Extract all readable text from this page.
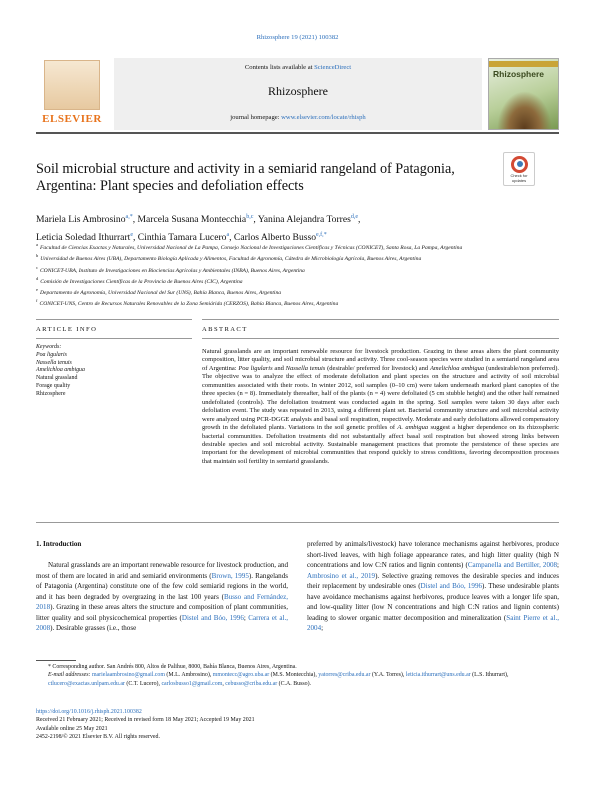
Rhizosphere 19 (2021) 100382
ELSEVIER
Contents lists available at ScienceDirect
Rhizosphere
journal homepage: www.elsevier.com/locate/rhisph
Rhizosphere
Soil microbial structure and activity in a semiarid rangeland of Patagonia, Argentina: Plant species and defoliation effects
Check for
updates
Mariela Lis Ambrosino$^{a,*}$, Marcela Susana Montecchia$^{b,c}$, Yanina Alejandra Torres$^{d,e}$,
Leticia Soledad Ithurrart$^e$, Cinthia Tamara Lucero$^a$, Carlos Alberto Busso$^{e,f,*}$
$^a$Facultad de Ciencias Exactas y Naturales, Universidad Nacional de La Pampa, Consejo Nacional de Investigaciones Científicas y Técnicas (CONICET), Santa Rosa, La Pampa, Argentina
$^b$Universidad de Buenos Aires (UBA), Departamento Biología Aplicada y Alimentos, Facultad de Agronomía, Cátedra de Microbiología Agrícola, Buenos Aires, Argentina
$^c$CONICET-UBA, Instituto de Investigaciones en Biociencias Agrícolas y Ambientales (INBA), Buenos Aires, Argentina
$^d$Comisión de Investigaciones Científicas de la Provincia de Buenos Aires (CIC), Argentina
$^e$Departamento de Agronomía, Universidad Nacional del Sur (UNS), Bahía Blanca, Buenos Aires, Argentina
$^f$CONICET-UNS, Centro de Recursos Naturales Renovables de la Zona Semiárida (CERZOS), Bahía Blanca, Buenos Aires, Argentina
ARTICLE INFO	ABSTRACT
Keywords:
Poa ligularis
Nassella tenuis
Amelichloa ambigua
Natural grassland
Forage quality
Rhizosphere
Natural grasslands are an important renewable resource for livestock production. Grazing in these areas alters the plant community composition, litter quality, and soil microbial structure and activity. Three cool-season species were studied in a semiarid rangeland area of Argentina: Poa ligularis and Nassella tenuis (desirable/ preferred for livestock) and Amelichloa ambigua (undesirable/non preferred). The objective was to analyze the effect of moderate defoliation and plant species on the structure and activity of soil microbial communities associated with their roots. In winter 2012, soil samples (0–10 cm) were taken underneath marked plant canopies of the three species (n = 8). Immediately thereafter, half of the plants (n = 4) were defoliated (5 cm stubble height) and the other half remained undefoliated (controls). The defoliation treatment was conducted again in the spring. Soil samples were taken 30 days after each defoliation event. The study was repeated in 2013, using a different plant set. Bacterial community structure and soil microbial activity were analyzed using PCR-DGGE analysis and basal soil respiration, respectively. Moderate and early defoliations allowed compensatory growth in the defoliated plants. Variations in the soil genetic profiles of A. ambigua suggest a higher dependence on its rhizospheric bacterial communities. Defoliation treatments did not substantially affect basal soil respiration but showed strong links between desirable species and soil microbial activity. Sustainable management practices that promote the persistence of these species are important for the development of microbial communities that respond quickly to stress conditions, favoring decomposition processes that maintain soil fertility in semiarid grasslands.
1. Introduction
Natural grasslands are an important renewable resource for livestock production, and most of them are located in arid and semiarid environments (Brown, 1995). Rangelands of Patagonia (Argentina) constitute one of the few cold semiarid regions in the world, and it has been degraded by overgrazing in the last 100 years (Busso and Fernández, 2018). Grazing in these areas alters the structure and composition of plant communities, litter quality and soil physicochemical properties (Distel and Bóo, 1996; Carrera et al., 2008). Desirable grasses (i.e., those
preferred by animals/livestock) have tolerance mechanisms against herbivores, produce short-lived leaves, with high foliage appearance rates, and high litter quality (high N concentrations and low C:N ratios and lignin contents) (Campanella and Bertiller, 2008; Ambrosino et al., 2019). Selective grazing removes the desirable species and induces their replacement by undesirable ones (Distel and Bóo, 1996). These undesirable plants have avoidance mechanisms against herbivores, produce leaves with a longer life span, and low-quality litter (low N concentrations and high C:N ratios and lignin contents) leading to slower organic matter decomposition and mineralization (Saint Pierre et al., 2004;
* Corresponding author. San Andrés 800, Altos de Palihue, 8000, Bahía Blanca, Buenos Aires, Argentina.
E-mail addresses: marielaambrosino@gmail.com (M.L. Ambrosino), mmontecc@agro.uba.ar (M.S. Montecchia), yatorres@criba.edu.ar (Y.A. Torres), leticia.ithurrart@uns.edu.ar (L.S. Ithurrart), ctlucero@exactas.unlpam.edu.ar (C.T. Lucero), carlosbusso1@gmail.com, cebusso@criba.edu.ar (C.A. Busso).
https://doi.org/10.1016/j.rhisph.2021.100382
Received 21 February 2021; Received in revised form 18 May 2021; Accepted 19 May 2021
Available online 25 May 2021
2452-2198/© 2021 Elsevier B.V. All rights reserved.
